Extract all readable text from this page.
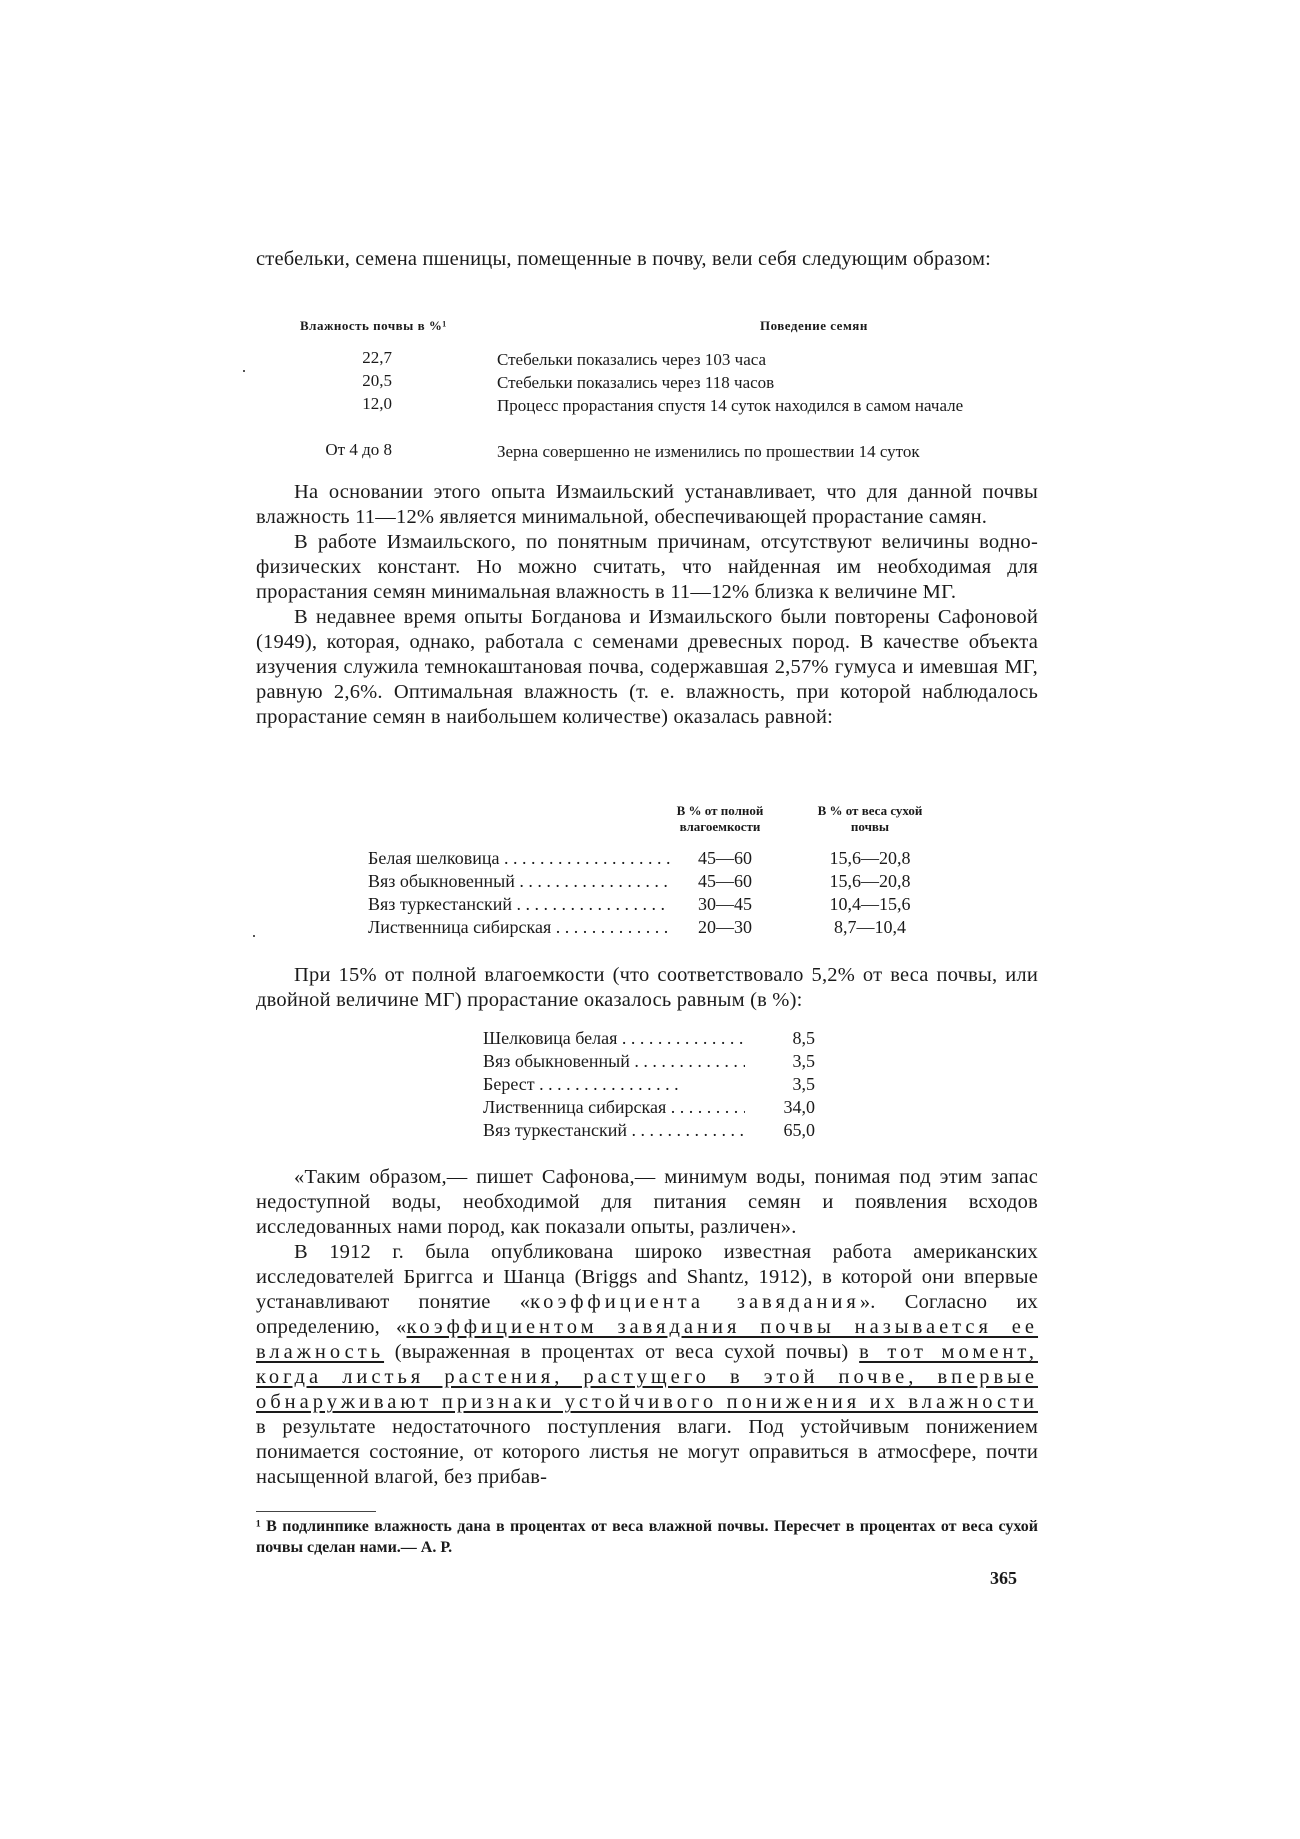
стебельки, семена пшеницы, помещенные в почву, вели себя следующим образом:

Влажность почвы в %¹	Поведение семян
22,7	Стебельки показались через 103 часа
20,5	Стебельки показались через 118 часов
12,0	Процесс прорастания спустя 14 суток находился в самом начале
От 4 до 8	Зерна совершенно не изменились по прошествии 14 суток

На основании этого опыта Измаильский устанавливает, что для данной почвы влажность 11—12% является минимальной, обеспечивающей прорастание самян.

В работе Измаильского, по понятным причинам, отсутствуют величины водно-физических констант. Но можно считать, что найденная им необходимая для прорастания семян минимальная влажность в 11—12% близка к величине МГ.

В недавнее время опыты Богданова и Измаильского были повторены Сафоновой (1949), которая, однако, работала с семенами древесных пород. В качестве объекта изучения служила темнокаштановая почва, содержавшая 2,57% гумуса и имевшая МГ, равную 2,6%. Оптимальная влажность (т. е. влажность, при которой наблюдалось прорастание семян в наибольшем количестве) оказалась равной:

В % от полной влагоемкости
В % от веса сухой почвы
Белая шелковица . . .	45—60	15,6—20,8
Вяз обыкновенный . . .	45—60	15,6—20,8
Вяз туркестанский . . .	30—45	10,4—15,6
Лиственница сибирская . . .	20—30	8,7—10,4

При 15% от полной влагоемкости (что соответствовало 5,2% от веса почвы, или двойной величине МГ) прорастание оказалось равным (в %):

Шелковица белая . . .	8,5
Вяз обыкновенный . . .	3,5
Берест . . .	3,5
Лиственница сибирская . . .	34,0
Вяз туркестанский . . .	65,0

«Таким образом,— пишет Сафонова,— минимум воды, понимая под этим запас недоступной воды, необходимой для питания семян и появления всходов исследованных нами пород, как показали опыты, различен».

В 1912 г. была опубликована широко известная работа американских исследователей Бриггса и Шанца (Briggs and Shantz, 1912), в которой они впервые устанавливают понятие «коэффициента завядания». Согласно их определению, «коэффициентом завядания почвы называется ее влажность (выраженная в процентах от веса сухой почвы) в тот момент, когда листья растения, растущего в этой почве, впервые обнаруживают признаки устойчивого понижения их влажности в результате недостаточного поступления влаги. Под устойчивым понижением понимается состояние, от которого листья не могут оправиться в атмосфере, почти насыщенной влагой, без прибав-

¹ В подлинпике влажность дана в процентах от веса влажной почвы. Пересчет в процентах от веса сухой почвы сделан нами.— А. Р.
365
